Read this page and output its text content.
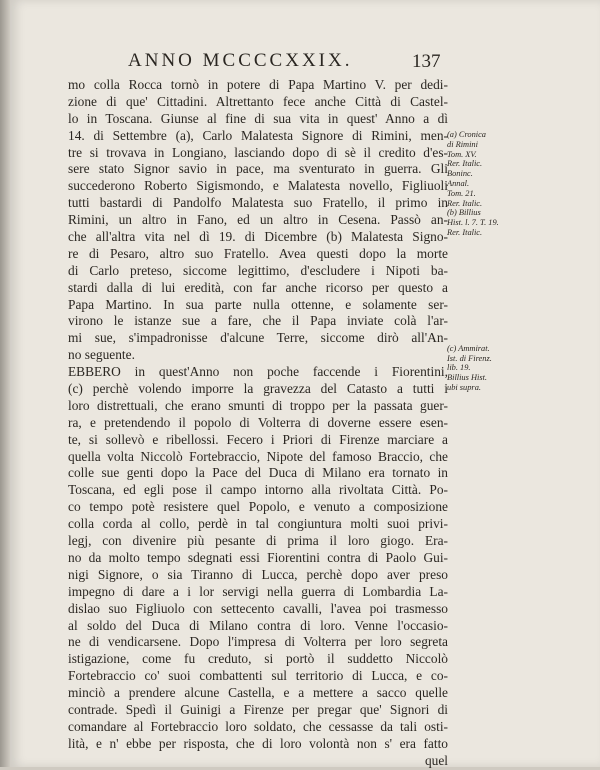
ANNO MCCCCXXIX.	137
mo colla Rocca tornò in potere di Papa Martino V. per dedi-
zione di que' Cittadini. Altrettanto fece anche Città di Castel-
lo in Toscana. Giunse al fine di sua vita in quest' Anno a dì
14. di Settembre (a), Carlo Malatesta Signore di Rimini, men-
tre si trovava in Longiano, lasciando dopo di sè il credito d'es-
sere stato Signor savio in pace, ma sventurato in guerra. Gli
succederono Roberto Sigismondo, e Malatesta novello, Figliuoli
tutti bastardi di Pandolfo Malatesta suo Fratello, il primo in
Rimini, un altro in Fano, ed un altro in Cesena. Passò an-
che all'altra vita nel dì 19. di Dicembre (b) Malatesta Signo-
re di Pesaro, altro suo Fratello. Avea questi dopo la morte
di Carlo preteso, siccome legittimo, d'escludere i Nipoti ba-
stardi dalla di lui eredità, con far anche ricorso per questo a
Papa Martino. In sua parte nulla ottenne, e solamente ser-
virono le istanze sue a fare, che il Papa inviate colà l'ar-
mi sue, s'impadronisse d'alcune Terre, siccome dirò all'An-
no seguente.
EBBERO in quest'Anno non poche faccende i Fiorentini,
(c) perchè volendo imporre la gravezza del Catasto a tutti i
loro distrettuali, che erano smunti di troppo per la passata guer-
ra, e pretendendo il popolo di Volterra di doverne essere esen-
te, si sollevò e ribellossi. Fecero i Priori di Firenze marciare a
quella volta Niccolò Fortebraccio, Nipote del famoso Braccio, che
colle sue genti dopo la Pace del Duca di Milano era tornato in
Toscana, ed egli pose il campo intorno alla rivoltata Città. Po-
co tempo potè resistere quel Popolo, e venuto a composizione
colla corda al collo, perdè in tal congiuntura molti suoi privi-
legj, con divenire più pesante di prima il loro giogo. Era-
no da molto tempo sdegnati essi Fiorentini contra di Paolo Gui-
nigi Signore, o sia Tiranno di Lucca, perchè dopo aver preso
impegno di dare a i lor servigi nella guerra di Lombardia La-
dislao suo Figliuolo con settecento cavalli, l'avea poi trasmesso
al soldo del Duca di Milano contra di loro. Venne l'occasio-
ne di vendicarsene. Dopo l'impresa di Volterra per loro segreta
istigazione, come fu creduto, si portò il suddetto Niccolò
Fortebraccio co' suoi combattenti sul territorio di Lucca, e co-
minciò a prendere alcune Castella, e a mettere a sacco quelle
contrade. Spedì il Guinigi a Firenze per pregar que' Signori di
comandare al Fortebraccio loro soldato, che cessasse da tali osti-
lità, e n' ebbe per risposta, che di loro volontà non s' era fatto
quel
(a) Cronica
di Rimini
Tom. XV.
Rer. Italic.
Boninc.
Annal.
Tom. 21.
Rer. Italic.
(b) Billius
Hist. l. 7. T. 19.
Rer. Italic.
(c) Ammirat.
Ist. di Firenz.
lib. 19.
Billius Hist.
ubi supra.
